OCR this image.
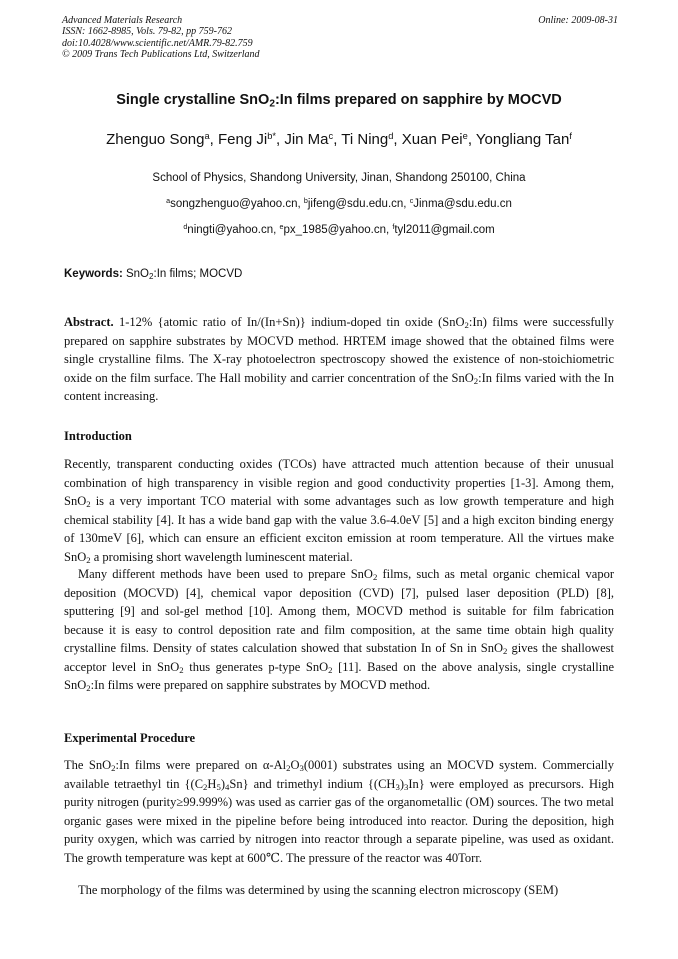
Advanced Materials Research
ISSN: 1662-8985, Vols. 79-82, pp 759-762
doi:10.4028/www.scientific.net/AMR.79-82.759
© 2009 Trans Tech Publications Ltd, Switzerland
Online: 2009-08-31
Single crystalline SnO$_2$:In films prepared on sapphire by MOCVD
Zhenguo Song$^a$, Feng $Ji^{b*}$, Jin Ma$^c$, Ti Ning$^d$, Xuan Pei$^e$, Yongliang Tan$^f$
School of Physics, Shandong University, Jinan, Shandong 250100, China
$^a$songzhenguo@yahoo.cn, $^b$jifeng@sdu.edu.cn, $^c$Jinma@sdu.edu.cn
$^d$ningti@yahoo.cn, $^e$px_1985@yahoo.cn, $^f$tyl2011@gmail.com
Keywords: SnO$_2$:In films; MOCVD

Abstract. 1-12% {atomic ratio of In/(In+Sn)} indium-doped tin oxide (SnO$_2$:In) films were successfully prepared on sapphire substrates by MOCVD method. HRTEM image showed that the obtained films were single crystalline films. The X-ray photoelectron spectroscopy showed the existence of non-stoichiometric oxide on the film surface. The Hall mobility and carrier concentration of the SnO$_2$:In films varied with the In content increasing.

Introduction

Recently, transparent conducting oxides (TCOs) have attracted much attention because of their unusual combination of high transparency in visible region and good conductivity properties [1-3]. Among them, SnO$_2$ is a very important TCO material with some advantages such as low growth temperature and high chemical stability [4]. It has a wide band gap with the value 3.6-4.0eV [5] and a high exciton binding energy of 130meV [6], which can ensure an efficient exciton emission at room temperature. All the virtues make SnO$_2$ a promising short wavelength luminescent material.

Many different methods have been used to prepare SnO$_2$ films, such as metal organic chemical vapor deposition (MOCVD) [4], chemical vapor deposition (CVD) [7], pulsed laser deposition (PLD) [8], sputtering [9] and sol-gel method [10]. Among them, MOCVD method is suitable for film fabrication because it is easy to control deposition rate and film composition, at the same time obtain high quality crystalline films. Density of states calculation showed that substation In of Sn in SnO$_2$ gives the shallowest acceptor level in SnO$_2$ thus generates p-type SnO$_2$ [11]. Based on the above analysis, single crystalline SnO$_2$:In films were prepared on sapphire substrates by MOCVD method.

Experimental Procedure

The SnO$_2$:In films were prepared on $\alpha-Al_2O_3(0001)$ substrates using an MOCVD system. Commercially available tetraethyl tin $\{(C_2H_5)_4Sn\}$ and trimethyl indium $\{(CH_3)_3In\}$ were employed as precursors. High purity nitrogen (purity≥99.999%) was used as carrier gas of the organometallic (OM) sources. The two metal organic gases were mixed in the pipeline before being introduced into reactor. During the deposition, high purity oxygen, which was carried by nitrogen into reactor through a separate pipeline, was used as oxidant. The growth temperature was kept at 600℃. The pressure of the reactor was 40Torr.

The morphology of the films was determined by using the scanning electron microscopy (SEM)
